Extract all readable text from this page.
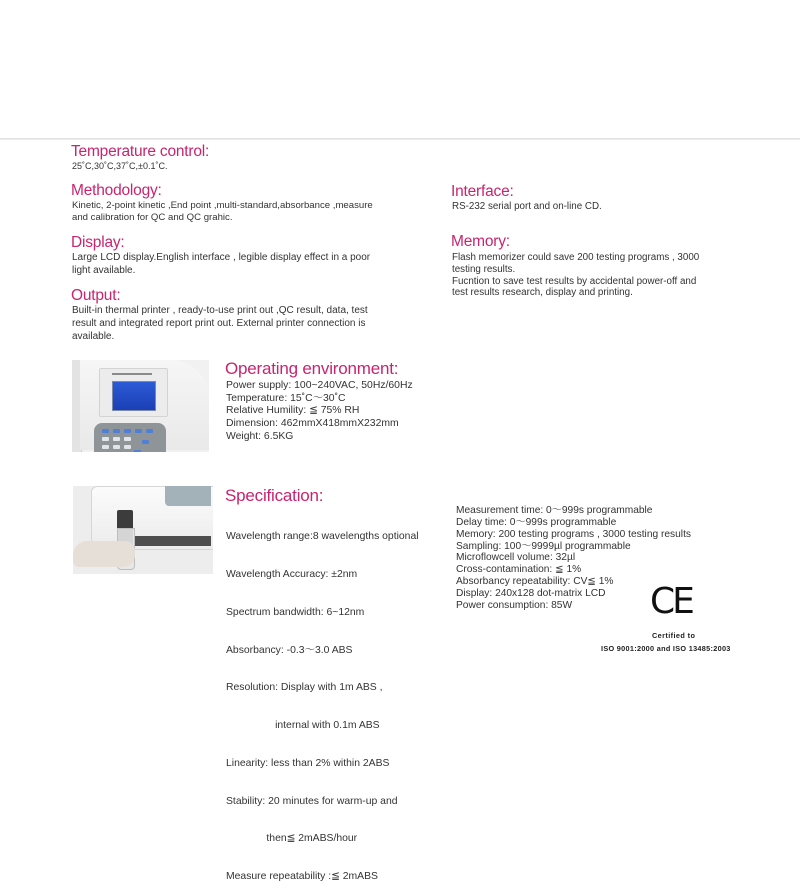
Temperature control:
25˚C,30˚C,37˚C,±0.1˚C.
Methodology:
Kinetic, 2-point kinetic ,End point ,multi-standard,absorbance ,measure
and calibration for QC and QC grahic.
Display:
Large LCD display.English interface , legible display effect in a poor
light available.
Output:
Built-in thermal printer , ready-to-use print out ,QC result, data, test
result and integrated report print out. External printer connection is
available.
Interface:
RS-232 serial port and on-line CD.
Memory:
Flash memorizer could save 200 testing programs , 3000
testing results.
Fucntion to save test results by accidental power-off and
test results research, display and printing.
Operating environment:
Power supply: 100~240VAC, 50Hz/60Hz
Temperature: 15˚C～30˚C
Relative Humility: ≦ 75% RH
Dimension: 462mmX418mmX232mm
Weight: 6.5KG
Specification:

Wavelength range:8 wavelengths optional

Wavelength Accuracy: ±2nm

Spectrum bandwidth: 6~12nm

Absorbancy: -0.3～3.0 ABS

Resolution: Display with 1m ABS ,

internal with 0.1m ABS

Linearity: less than 2% within 2ABS

Stability: 20 minutes for warm-up and

then≦ 2mABS/hour

Measure repeatability :≦ 2mABS

Measurement time: 0～999s programmable
Delay time: 0～999s programmable
Memory: 200 testing programs , 3000 testing results
Sampling: 100～9999µl programmable
Microflowcell volume: 32µl
Cross-contamination: ≦ 1%
Absorbancy repeatability: CV≦ 1%
Display: 240x128 dot-matrix LCD
Power consumption: 85W	CE
Certified to
ISO 9001:2000 and ISO 13485:2003
